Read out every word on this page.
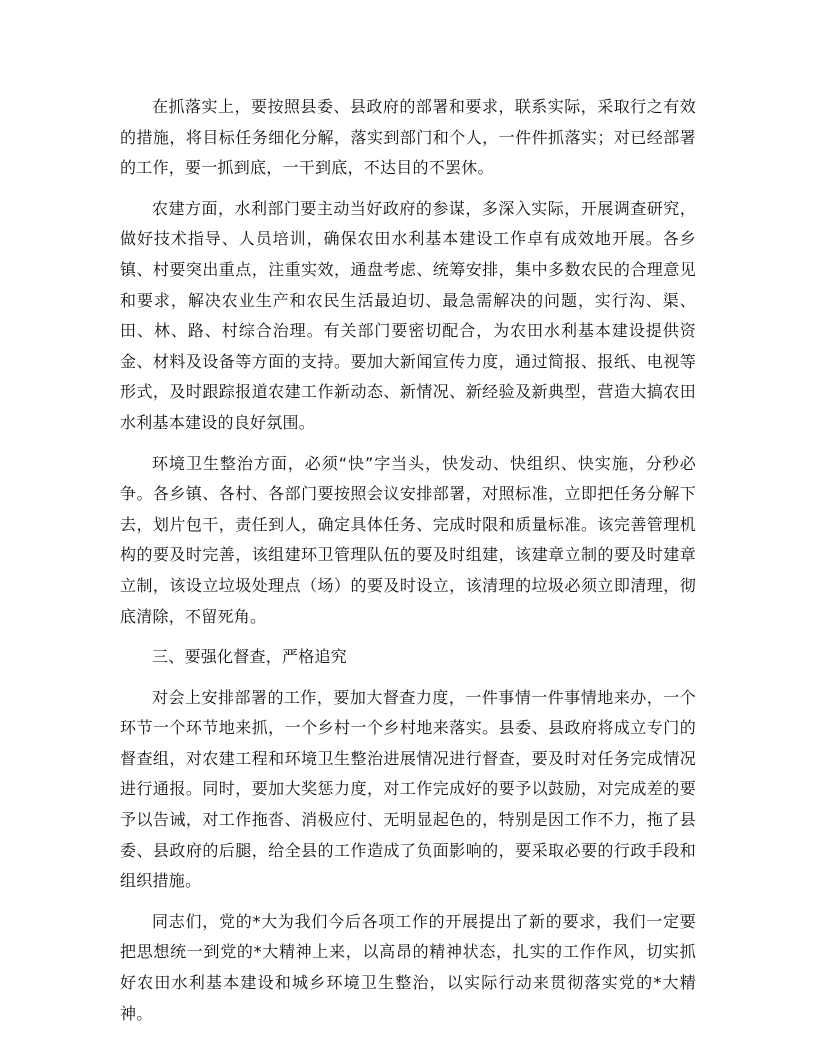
在抓落实上，要按照县委、县政府的部署和要求，联系实际，采取行之有效的措施，将目标任务细化分解，落实到部门和个人，一件件抓落实；对已经部署的工作，要一抓到底，一干到底，不达目的不罢休。

农建方面，水利部门要主动当好政府的参谋，多深入实际，开展调查研究，做好技术指导、人员培训，确保农田水利基本建设工作卓有成效地开展。各乡镇、村要突出重点，注重实效，通盘考虑、统筹安排，集中多数农民的合理意见和要求，解决农业生产和农民生活最迫切、最急需解决的问题，实行沟、渠、田、林、路、村综合治理。有关部门要密切配合，为农田水利基本建设提供资金、材料及设备等方面的支持。要加大新闻宣传力度，通过简报、报纸、电视等形式，及时跟踪报道农建工作新动态、新情况、新经验及新典型，营造大搞农田水利基本建设的良好氛围。

环境卫生整治方面，必须“快”字当头，快发动、快组织、快实施，分秒必争。各乡镇、各村、各部门要按照会议安排部署，对照标准，立即把任务分解下去，划片包干，责任到人，确定具体任务、完成时限和质量标准。该完善管理机构的要及时完善，该组建环卫管理队伍的要及时组建，该建章立制的要及时建章立制，该设立垃圾处理点（场）的要及时设立，该清理的垃圾必须立即清理，彻底清除，不留死角。

三、要强化督查，严格追究

对会上安排部署的工作，要加大督查力度，一件事情一件事情地来办，一个环节一个环节地来抓，一个乡村一个乡村地来落实。县委、县政府将成立专门的督查组，对农建工程和环境卫生整治进展情况进行督查，要及时对任务完成情况进行通报。同时，要加大奖惩力度，对工作完成好的要予以鼓励，对完成差的要予以告诫，对工作拖沓、消极应付、无明显起色的，特别是因工作不力，拖了县委、县政府的后腿，给全县的工作造成了负面影响的，要采取必要的行政手段和组织措施。

同志们，党的*大为我们今后各项工作的开展提出了新的要求，我们一定要把思想统一到党的*大精神上来，以高昂的精神状态，扎实的工作作风，切实抓好农田水利基本建设和城乡环境卫生整治，以实际行动来贯彻落实党的*大精神。
